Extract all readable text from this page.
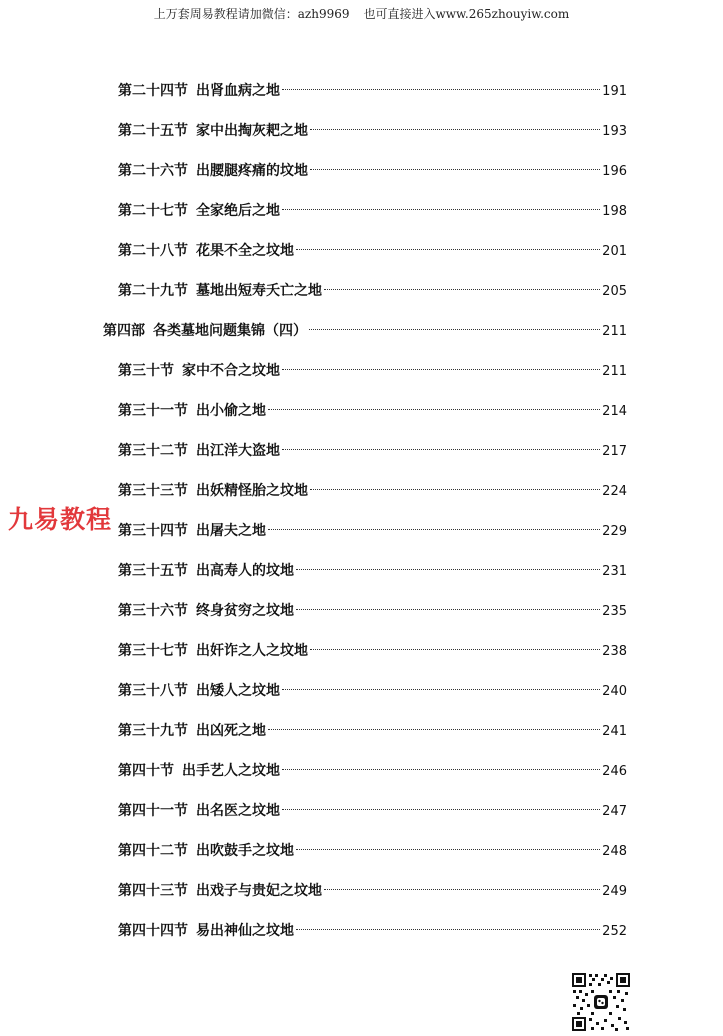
上万套周易教程请加微信：azh9969 也可直接进入www.265zhouyiw.com
第二十四节 出肾血病之地	191
第二十五节 家中出掏灰耙之地	193
第二十六节 出腰腿疼痛的坟地	196
第二十七节 全家绝后之地	198
第二十八节 花果不全之坟地	201
第二十九节 墓地出短寿夭亡之地	205
第四部 各类墓地问题集锦（四）	211
第三十节 家中不合之坟地	211
第三十一节 出小偷之地	214
第三十二节 出江洋大盗地	217
第三十三节 出妖精怪胎之坟地	224
第三十四节 出屠夫之地	229
第三十五节 出高寿人的坟地	231
第三十六节 终身贫穷之坟地	235
第三十七节 出奸诈之人之坟地	238
第三十八节 出矮人之坟地	240
第三十九节 出凶死之地	241
第四十节 出手艺人之坟地	246
第四十一节 出名医之坟地	247
第四十二节 出吹鼓手之坟地	248
第四十三节 出戏子与贵妃之坟地	249
第四十四节 易出神仙之坟地	252
九易教程
